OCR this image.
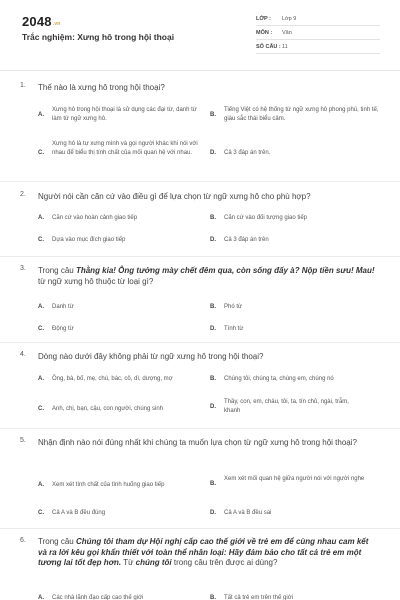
2048.vn
Trắc nghiệm: Xưng hô trong hội thoại
LỚP : Lớp 9
MÔN : Văn
SỐ CÂU : 11
1. Thế nào là xưng hô trong hội thoại?
A.
Xưng hô trong hội thoại là sử dụng các đại từ, danh từ làm từ ngữ xưng hô.
B.
Tiếng Việt có hệ thống từ ngữ xưng hô phong phú, tinh tế, giàu sắc thái biểu cảm.
C.
Xưng hô là tự xưng mình và gọi người khác khi nói với nhau để biểu thị tính chất của mối quan hệ với nhau.	D. Cả 3 đáp án trên.
2. Người nói cần căn cứ vào điều gì để lựa chọn từ ngữ xưng hô cho phù hợp?
A. Căn cứ vào hoàn cảnh giao tiếp	B. Căn cứ vào đối tượng giao tiếp
C. Dựa vào mục đích giao tiếp	D. Cả 3 đáp án trên
3. Trong câu Thằng kia! Ông tưởng mày chết đêm qua, còn sống đấy à? Nộp tiền sưu! Mau! từ ngữ xưng hô thuộc từ loại gì?
A. Danh từ	B. Phó từ
C. Động từ	D. Tính từ
4. Dòng nào dưới đây không phải từ ngữ xưng hô trong hội thoại?
A. Ông, bà, bố, mẹ, chú, bác, cô, dì, dượng, mợ	B. Chúng tôi, chúng ta, chúng em, chúng nó
C. Anh, chị, bạn, cậu, con người, chúng sinh	D.
Thầy, con, em, cháu, tôi, ta, tín chủ, ngài, trẫm, khanh
5. Nhận định nào nói đúng nhất khi chúng ta muốn lựa chọn từ ngữ xưng hô trong hội thoại?
A. Xem xét tính chất của tình huống giao tiếp	B.
Xem xét mối quan hệ giữa người nói với người nghe
C. Cả A và B đều đúng	D. Cả A và B đều sai
6. Trong câu Chúng tôi tham dự Hội nghị cấp cao thế giới về trẻ em để cùng nhau cam kết và ra lời kêu gọi khẩn thiết với toàn thể nhân loại: Hãy đảm bảo cho tất cả trẻ em một tương lai tốt đẹp hơn. Từ chúng tôi trong câu trên được ai dùng?
A. Các nhà lãnh đạo cấp cao thế giới	B. Tất cả trẻ em trên thế giới
